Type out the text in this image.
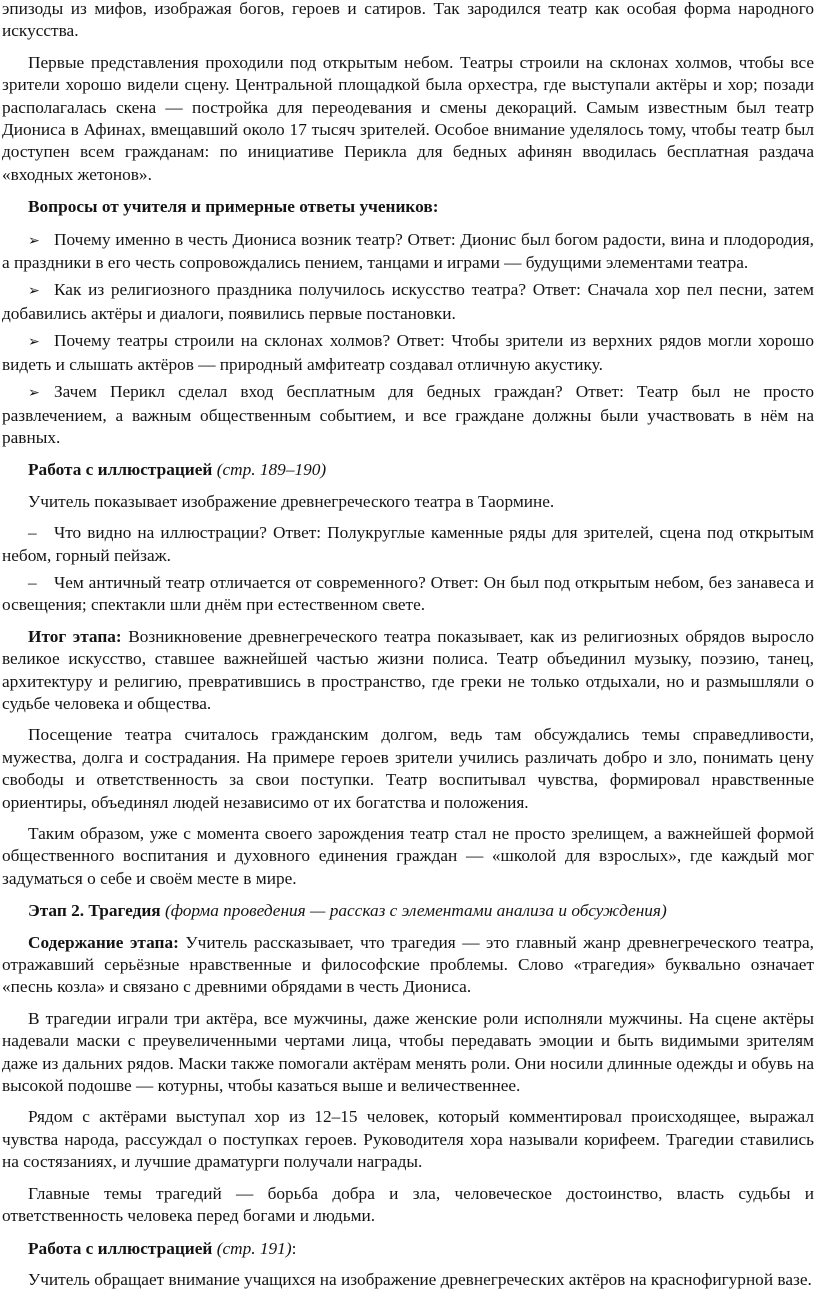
эпизоды из мифов, изображая богов, героев и сатиров. Так зародился театр как особая форма народного искусства.

Первые представления проходили под открытым небом. Театры строили на склонах холмов, чтобы все зрители хорошо видели сцену. Центральной площадкой была орхестра, где выступали актёры и хор; позади располагалась скена — постройка для переодевания и смены декораций. Самым известным был театр Диониса в Афинах, вмещавший около 17 тысяч зрителей. Особое внимание уделялось тому, чтобы театр был доступен всем гражданам: по инициативе Перикла для бедных афинян вводилась бесплатная раздача «входных жетонов».

Вопросы от учителя и примерные ответы учеников:

➢ Почему именно в честь Диониса возник театр? Ответ: Дионис был богом радости, вина и плодородия, а праздники в его честь сопровождались пением, танцами и играми — будущими элементами театра.

➢ Как из религиозного праздника получилось искусство театра? Ответ: Сначала хор пел песни, затем добавились актёры и диалоги, появились первые постановки.

➢ Почему театры строили на склонах холмов? Ответ: Чтобы зрители из верхних рядов могли хорошо видеть и слышать актёров — природный амфитеатр создавал отличную акустику.

➢ Зачем Перикл сделал вход бесплатным для бедных граждан? Ответ: Театр был не просто развлечением, а важным общественным событием, и все граждане должны были участвовать в нём на равных.

Работа с иллюстрацией (стр. 189–190)

Учитель показывает изображение древнегреческого театра в Таормине.

– Что видно на иллюстрации? Ответ: Полукруглые каменные ряды для зрителей, сцена под открытым небом, горный пейзаж.

– Чем античный театр отличается от современного? Ответ: Он был под открытым небом, без занавеса и освещения; спектакли шли днём при естественном свете.

Итог этапа: Возникновение древнегреческого театра показывает, как из религиозных обрядов выросло великое искусство, ставшее важнейшей частью жизни полиса. Театр объединил музыку, поэзию, танец, архитектуру и религию, превратившись в пространство, где греки не только отдыхали, но и размышляли о судьбе человека и общества.

Посещение театра считалось гражданским долгом, ведь там обсуждались темы справедливости, мужества, долга и сострадания. На примере героев зрители учились различать добро и зло, понимать цену свободы и ответственность за свои поступки. Театр воспитывал чувства, формировал нравственные ориентиры, объединял людей независимо от их богатства и положения.

Таким образом, уже с момента своего зарождения театр стал не просто зрелищем, а важнейшей формой общественного воспитания и духовного единения граждан — «школой для взрослых», где каждый мог задуматься о себе и своём месте в мире.

Этап 2. Трагедия (форма проведения — рассказ с элементами анализа и обсуждения)

Содержание этапа: Учитель рассказывает, что трагедия — это главный жанр древнегреческого театра, отражавший серьёзные нравственные и философские проблемы. Слово «трагедия» буквально означает «песнь козла» и связано с древними обрядами в честь Диониса.

В трагедии играли три актёра, все мужчины, даже женские роли исполняли мужчины. На сцене актёры надевали маски с преувеличенными чертами лица, чтобы передавать эмоции и быть видимыми зрителям даже из дальних рядов. Маски также помогали актёрам менять роли. Они носили длинные одежды и обувь на высокой подошве — котурны, чтобы казаться выше и величественнее.

Рядом с актёрами выступал хор из 12–15 человек, который комментировал происходящее, выражал чувства народа, рассуждал о поступках героев. Руководителя хора называли корифеем. Трагедии ставились на состязаниях, и лучшие драматурги получали награды.

Главные темы трагедий — борьба добра и зла, человеческое достоинство, власть судьбы и ответственность человека перед богами и людьми.

Работа с иллюстрацией (стр. 191):

Учитель обращает внимание учащихся на изображение древнегреческих актёров на краснофигурной вазе.
